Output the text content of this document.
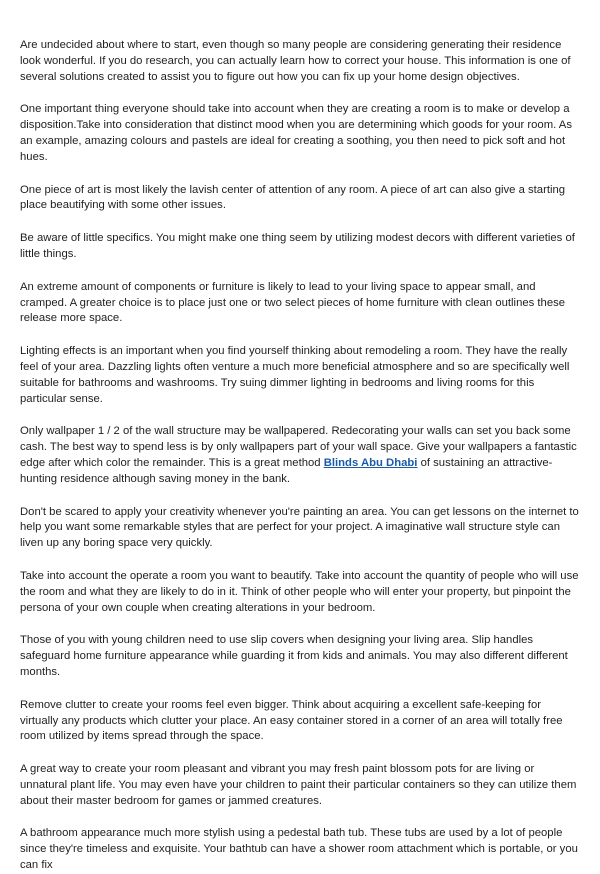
Are undecided about where to start, even though so many people are considering generating their residence look wonderful. If you do research, you can actually learn how to correct your house. This information is one of several solutions created to assist you to figure out how you can fix up your home design objectives.

One important thing everyone should take into account when they are creating a room is to make or develop a disposition.Take into consideration that distinct mood when you are determining which goods for your room. As an example, amazing colours and pastels are ideal for creating a soothing, you then need to pick soft and hot hues.

One piece of art is most likely the lavish center of attention of any room. A piece of art can also give a starting place beautifying with some other issues.

Be aware of little specifics. You might make one thing seem by utilizing modest decors with different varieties of little things.

An extreme amount of components or furniture is likely to lead to your living space to appear small, and cramped. A greater choice is to place just one or two select pieces of home furniture with clean outlines these release more space.

Lighting effects is an important when you find yourself thinking about remodeling a room. They have the really feel of your area. Dazzling lights often venture a much more beneficial atmosphere and so are specifically well suitable for bathrooms and washrooms. Try suing dimmer lighting in bedrooms and living rooms for this particular sense.

Only wallpaper 1 / 2 of the wall structure may be wallpapered. Redecorating your walls can set you back some cash. The best way to spend less is by only wallpapers part of your wall space. Give your wallpapers a fantastic edge after which color the remainder. This is a great method Blinds Abu Dhabi of sustaining an attractive-hunting residence although saving money in the bank.

Don't be scared to apply your creativity whenever you're painting an area. You can get lessons on the internet to help you want some remarkable styles that are perfect for your project. A imaginative wall structure style can liven up any boring space very quickly.

Take into account the operate a room you want to beautify. Take into account the quantity of people who will use the room and what they are likely to do in it. Think of other people who will enter your property, but pinpoint the persona of your own couple when creating alterations in your bedroom.

Those of you with young children need to use slip covers when designing your living area. Slip handles safeguard home furniture appearance while guarding it from kids and animals. You may also different different months.

Remove clutter to create your rooms feel even bigger. Think about acquiring a excellent safe-keeping for virtually any products which clutter your place. An easy container stored in a corner of an area will totally free room utilized by items spread through the space.

A great way to create your room pleasant and vibrant you may fresh paint blossom pots for are living or unnatural plant life. You may even have your children to paint their particular containers so they can utilize them about their master bedroom for games or jammed creatures.

A bathroom appearance much more stylish using a pedestal bath tub. These tubs are used by a lot of people since they're timeless and exquisite. Your bathtub can have a shower room attachment which is portable, or you can fix
